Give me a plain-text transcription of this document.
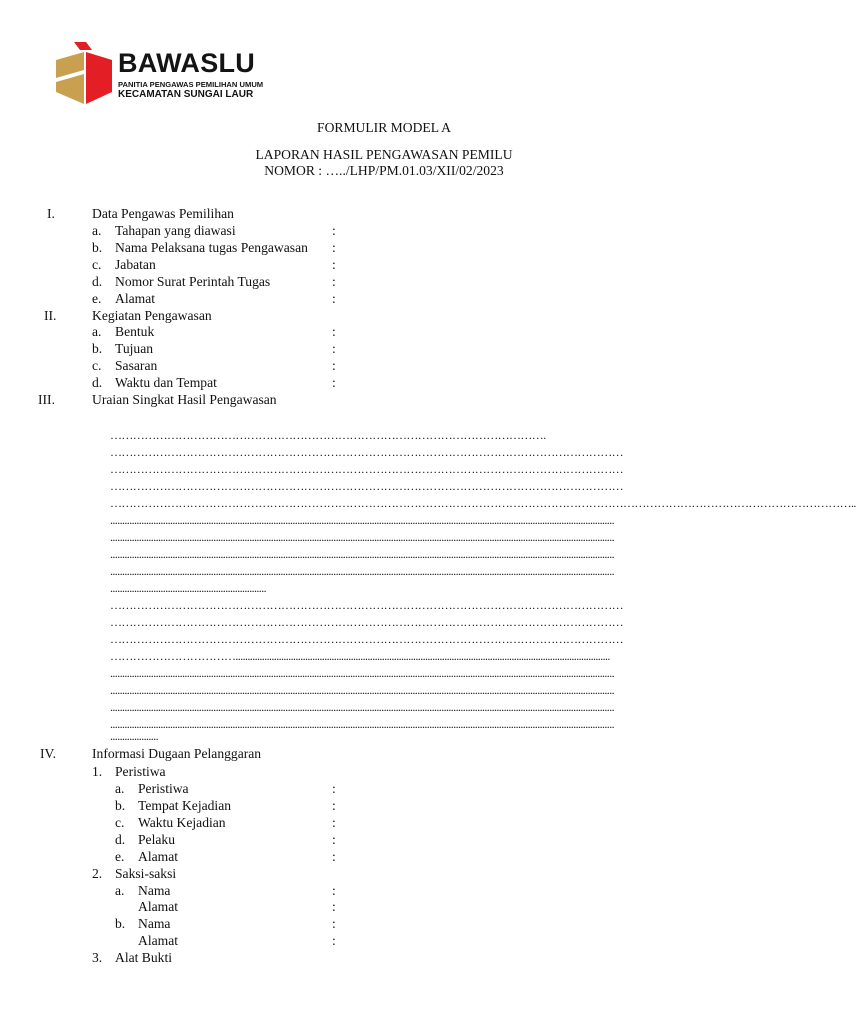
BAWASLU
PANITIA PENGAWAS PEMILIHAN UMUM
KECAMATAN SUNGAI LAUR
FORMULIR MODEL A
LAPORAN HASIL PENGAWASAN PEMILU
NOMOR : …../LHP/PM.01.03/XII/02/2023
I.	Data Pengawas Pemilihan
a. Tahapan yang diawasi	:
b. Nama Pelaksana tugas Pengawasan :
c. Jabatan	:
d. Nomor Surat Perintah Tugas	:
e. Alamat	:
II.	Kegiatan Pengawasan
a. Bentuk	:
b. Tujuan	:
c. Sasaran	:
d. Waktu dan Tempat	:
III.	Uraian Singkat Hasil Pengawasan
…………………………………………………………………………………………………….
………………………………………………………………………………………………………………………
………………………………………………………………………………………………………………………
………………………………………………………………………………………………………………………
……………………………………………………………………………………………………………………………………………………………………………..
..................................................................................................................................................................................................................
..................................................................................................................................................................................................................
..................................................................................................................................................................................................................
..................................................................................................................................................................................................................
.................................................................
………………………………………………………………………………………………………………………
………………………………………………………………………………………………………………………
………………………………………………………………………………………………………………………
……………………………............................................................................................................................................................
..................................................................................................................................................................................................................
..................................................................................................................................................................................................................
..................................................................................................................................................................................................................
..................................................................................................................................................................................................................
....................
IV.	Informasi Dugaan Pelanggaran
1. Peristiwa
a. Peristiwa	:
b. Tempat Kejadian	:
c. Waktu Kejadian	:
d. Pelaku	:
e. Alamat	:
2. Saksi-saksi
a. Nama	:
Alamat	:
b. Nama	:
Alamat	:
3. Alat Bukti
